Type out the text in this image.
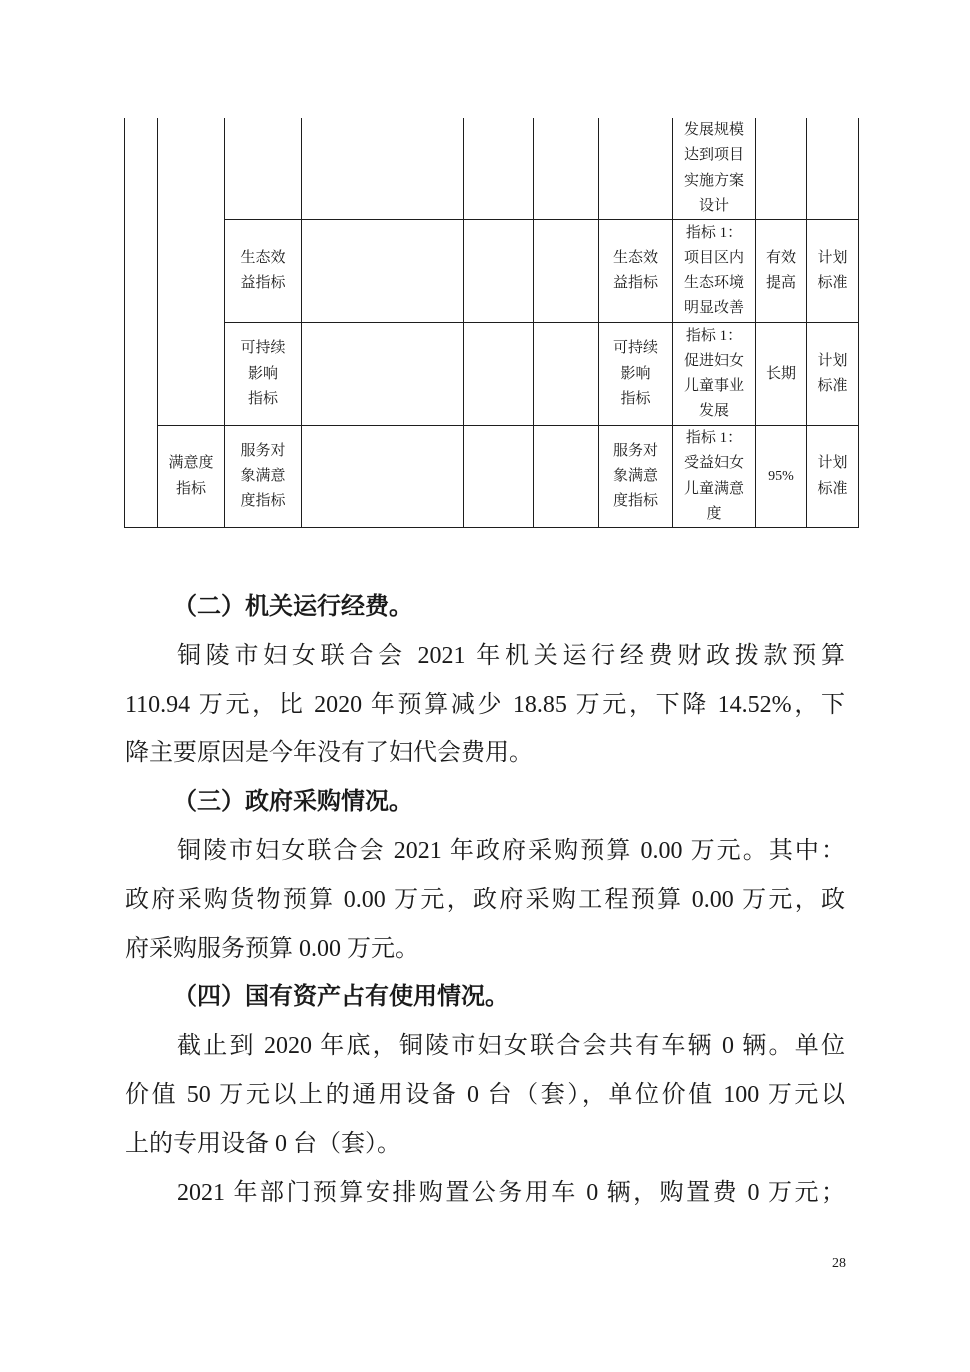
							发展规模
达到项目
实施方案
设计		

		生态效
益指标				生态效
益指标	指标 1：
项目区内
生态环境
明显改善	有效
提高	计划
标准

		可持续
影响
指标				可持续
影响
指标	指标 1：
促进妇女
儿童事业
发展	长期	计划
标准

	满意度
指标	服务对
象满意
度指标				服务对
象满意
度指标	指标 1：
受益妇女
儿童满意
度	95%	计划
标准
（二）机关运行经费。
铜陵市妇女联合会 2021 年机关运行经费财政拨款预算
110.94 万元，比 2020 年预算减少 18.85 万元，下降 14.52%，下
降主要原因是今年没有了妇代会费用。
（三）政府采购情况。
铜陵市妇女联合会 2021 年政府采购预算 0.00 万元。其中：
政府采购货物预算 0.00 万元，政府采购工程预算 0.00 万元，政
府采购服务预算 0.00 万元。
（四）国有资产占有使用情况。
截止到 2020 年底，铜陵市妇女联合会共有车辆 0 辆。单位
价值 50 万元以上的通用设备 0 台（套），单位价值 100 万元以
上的专用设备 0 台（套）。
2021 年部门预算安排购置公务用车 0 辆，购置费 0 万元；
28
